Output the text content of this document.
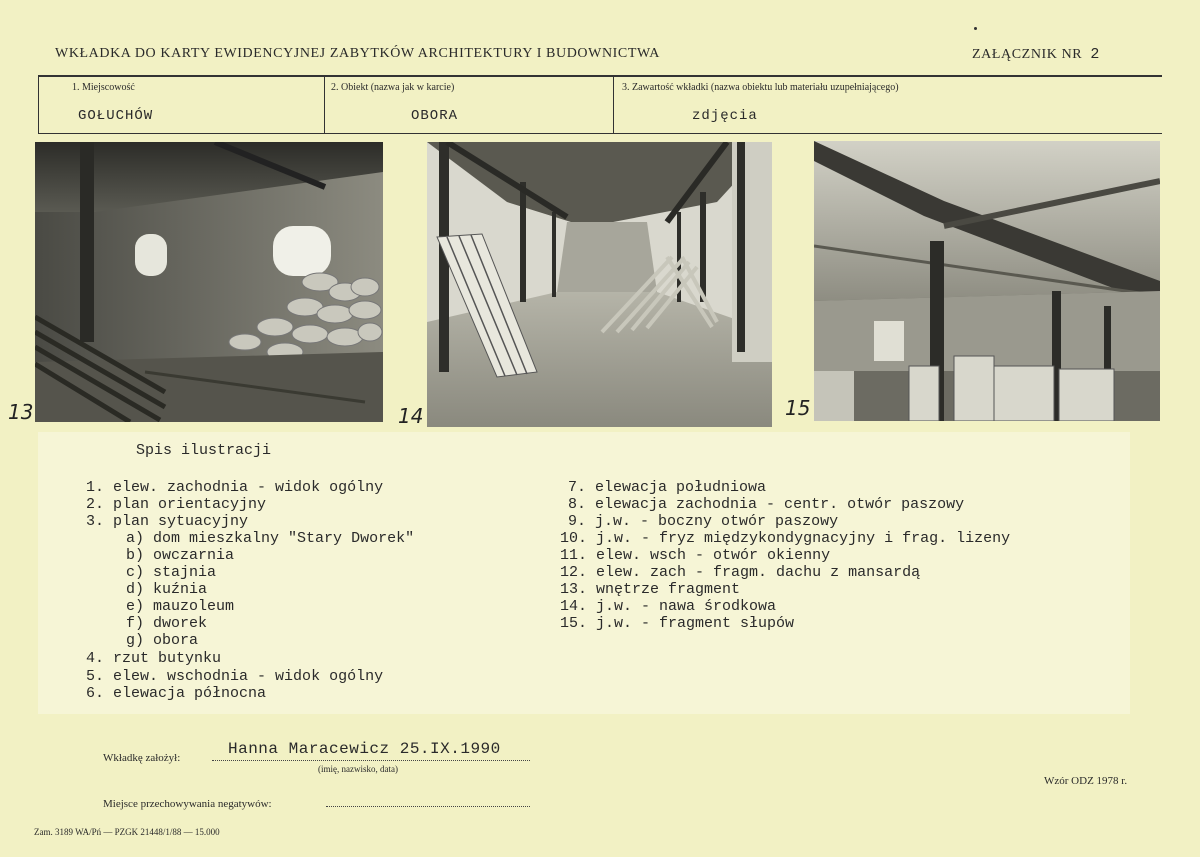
WKŁADKA DO KARTY EWIDENCYJNEJ ZABYTKÓW ARCHITEKTURY I BUDOWNICTWA	ZAŁĄCZNIK NR 2
1. Miejscowość
GOŁUCHÓW
2. Obiekt (nazwa jak w karcie)
OBORA
3. Zawartość wkładki (nazwa obiektu lub materiału uzupełniającego)
zdjęcia
13	14	15
Spis ilustracji
1. elew. zachodnia - widok ogólny
2. plan orientacyjny
3. plan sytuacyjny
a) dom mieszkalny "Stary Dworek"
b) owczarnia
c) stajnia
d) kuźnia
e) mauzoleum
f) dworek
g) obora
4. rzut butynku
5. elew. wschodnia - widok ogólny
6. elewacja północna
7. elewacja południowa
8. elewacja zachodnia - centr. otwór paszowy
9. j.w. - boczny otwór paszowy
10. j.w. - fryz międzykondygnacyjny i frag. lizeny
11. elew. wsch - otwór okienny
12. elew. zach - fragm. dachu z mansardą
13. wnętrze fragment
14. j.w. - nawa środkowa
15. j.w. - fragment słupów
Wkładkę założył:	Hanna Maracewicz 25.IX.1990
(imię, nazwisko, data)
Wzór ODZ 1978 r.
Miejsce przechowywania negatywów:
Zam. 3189 WA/Pń — PZGK 21448/1/88 — 15.000
